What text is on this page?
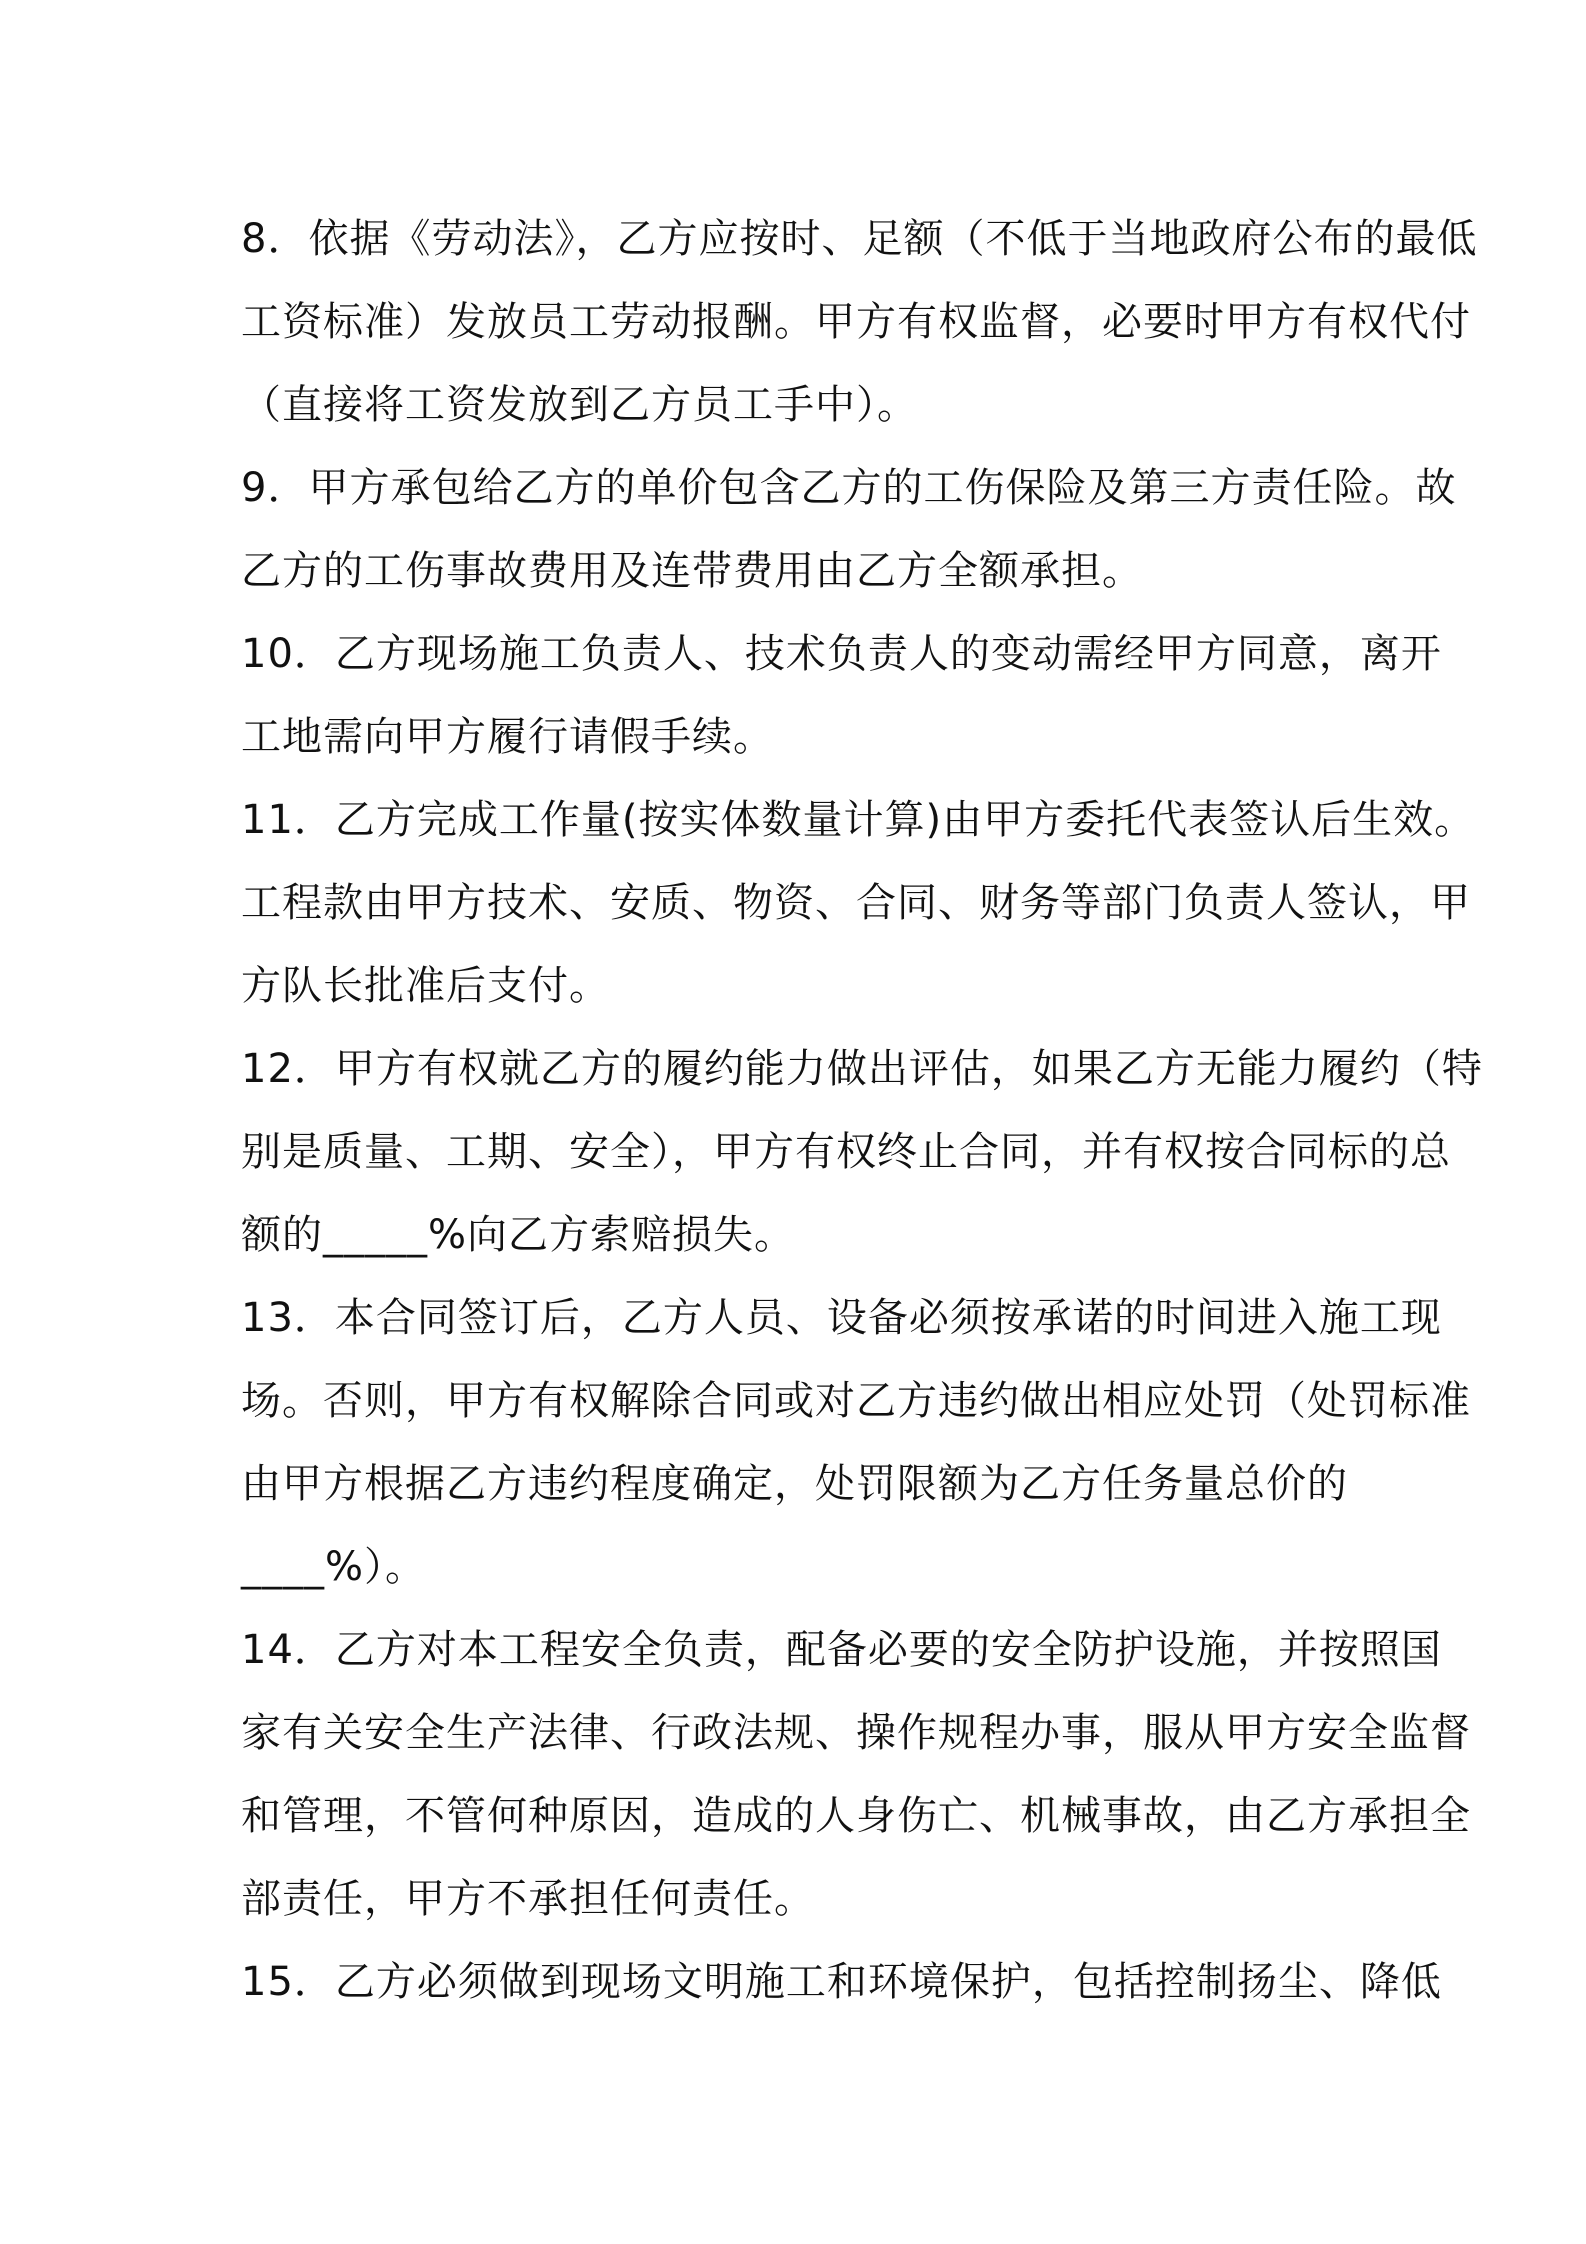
8．依据《劳动法》，乙方应按时、足额（不低于当地政府公布的最低
工资标准）发放员工劳动报酬。甲方有权监督，必要时甲方有权代付
（直接将工资发放到乙方员工手中）。
9．甲方承包给乙方的单价包含乙方的工伤保险及第三方责任险。故
乙方的工伤事故费用及连带费用由乙方全额承担。
10．乙方现场施工负责人、技术负责人的变动需经甲方同意，离开
工地需向甲方履行请假手续。
11．乙方完成工作量(按实体数量计算)由甲方委托代表签认后生效。
工程款由甲方技术、安质、物资、合同、财务等部门负责人签认，甲
方队长批准后支付。
12．甲方有权就乙方的履约能力做出评估，如果乙方无能力履约（特
别是质量、工期、安全），甲方有权终止合同，并有权按合同标的总
额的_____%向乙方索赔损失。
13．本合同签订后，乙方人员、设备必须按承诺的时间进入施工现
场。否则，甲方有权解除合同或对乙方违约做出相应处罚（处罚标准
由甲方根据乙方违约程度确定，处罚限额为乙方任务量总价的
____%）。
14．乙方对本工程安全负责，配备必要的安全防护设施，并按照国
家有关安全生产法律、行政法规、操作规程办事，服从甲方安全监督
和管理，不管何种原因，造成的人身伤亡、机械事故，由乙方承担全
部责任，甲方不承担任何责任。
15．乙方必须做到现场文明施工和环境保护，包括控制扬尘、降低
